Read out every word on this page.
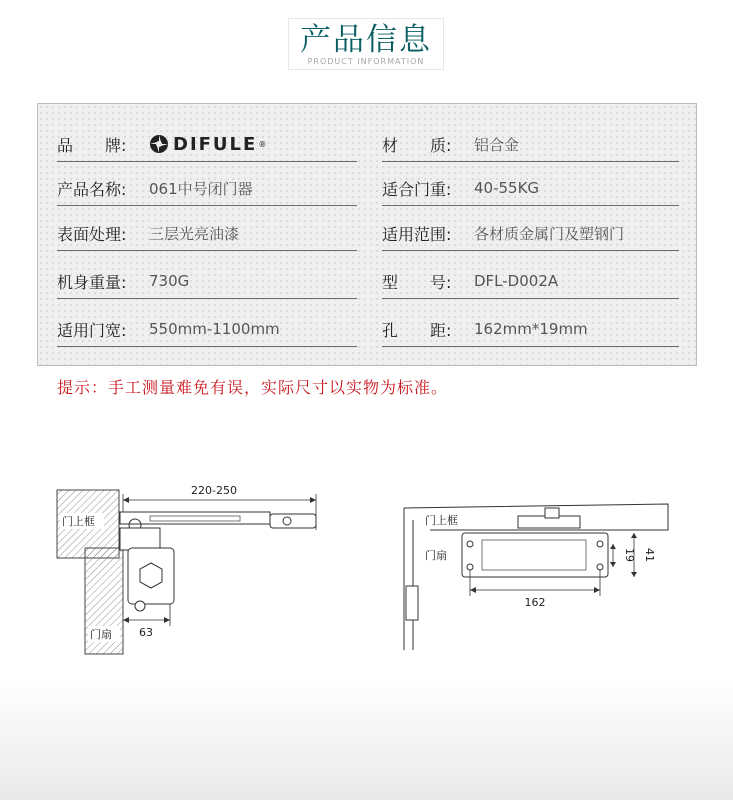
产品信息
PRODUCT INFORMATION
品　　牌:	DIFULE ®
产品名称:	061中号闭门器
表面处理:	三层光亮油漆
机身重量:	730G
适用门宽:	550mm-1100mm
材　　质:	铝合金
适合门重:	40-55KG
适用范围:	各材质金属门及塑钢门
型　　号:	DFL-D002A
孔　　距:	162mm*19mm
提示：手工测量难免有误，实际尺寸以实物为标准。
220-250
门上框
门扇 63
门上框
门扇
162
19 41
